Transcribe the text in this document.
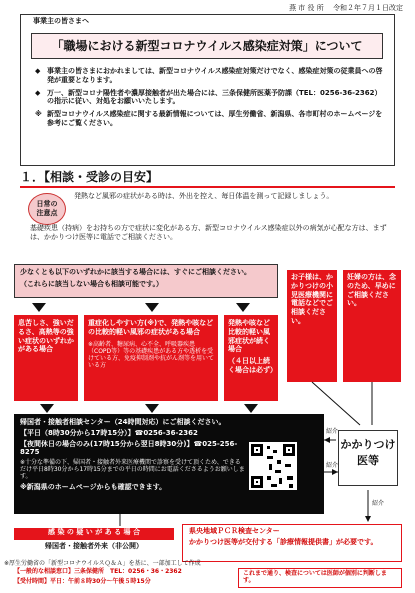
燕 市 役 所　 令和２年７月１日改定
事業主の皆さまへ
「職場における新型コロナウイルス感染症対策」について
◆ 事業主の皆さまにおかれましては、新型コロナウイルス感染症対策だけでなく、感染症対策の従業員への啓発が重要となります。
◆ 万一、新型コロナ陽性者や濃厚接触者が出た場合には、三条保健所医薬予防課（TEL：0256-36-2362）の指示に従い、対処をお願いいたします。
※ 新型コロナウイルス感染症に関する最新情報については、厚生労働省、新潟県、各市町村のホームページを参考にご覧ください。
１．【相談・受診の目安】
日常の
注意点
発熱など風邪の症状がある時は、外出を控え、毎日体温を測って記録しましょう。
基礎疾患（持病）をお持ちの方で症状に変化がある方、新型コロナウイルス感染症以外の病気が心配な方は、まずは、かかりつけ医等に電話でご相談ください。
少なくとも以下のいずれかに該当する場合には、すぐにご相談ください。
（これらに該当しない場合も相談可能です。）
お子様は、かかりつけの小児医療機関に電話などでご相談ください。
妊婦の方は、念のため、早めにご相談ください。
息苦しさ、強いだるさ、高熱等の強い症状のいずれかがある場合
重症化しやすい方(※)で、発熱や咳などの比較的軽い風邪の症状がある場合
※高齢者、糖尿病、心不全、呼吸器疾患（COPD等）等の基礎疾患がある方や透析を受けている方、免疫抑制剤や抗がん剤等を用いている方
発熱や咳など比較的軽い風邪症状が続く場合
（４日以上続く場合は必ず）
帰国者・接触者相談センター（24時間対応）にご相談ください。
【平日（8時30分から17時15分）】☎0256-36-2362
【夜間休日の場合のみ(17時15分から翌日8時30分)】☎025-256-8275
※十分な準備の下、帰国者・接触者外来医療機関で診察を受けて頂くため、できるだけ平日8時30分から17時15分までの平日の時間にお電話くださるようお願いします。
※新潟県のホームページからも確認できます。
かかりつけ医等
紹介
紹介
紹介
感 染 の 疑 い が あ る 場 合
帰国者・接触者外来（非公開）
県央地域ＰＣＲ検査センター
かかりつけ医等が交付する「診療情報提供書」が必要です。
※厚生労働省の「新型コロナウイルスＱ＆Ａ」を基に、一部加工して作成
【一般的な相談窓口】三条保健所　TEL：0256・36・2362
【受付時間】平日：午前８時30分～午後５時15分
これまで通り、検査については医師が個別に判断します。
